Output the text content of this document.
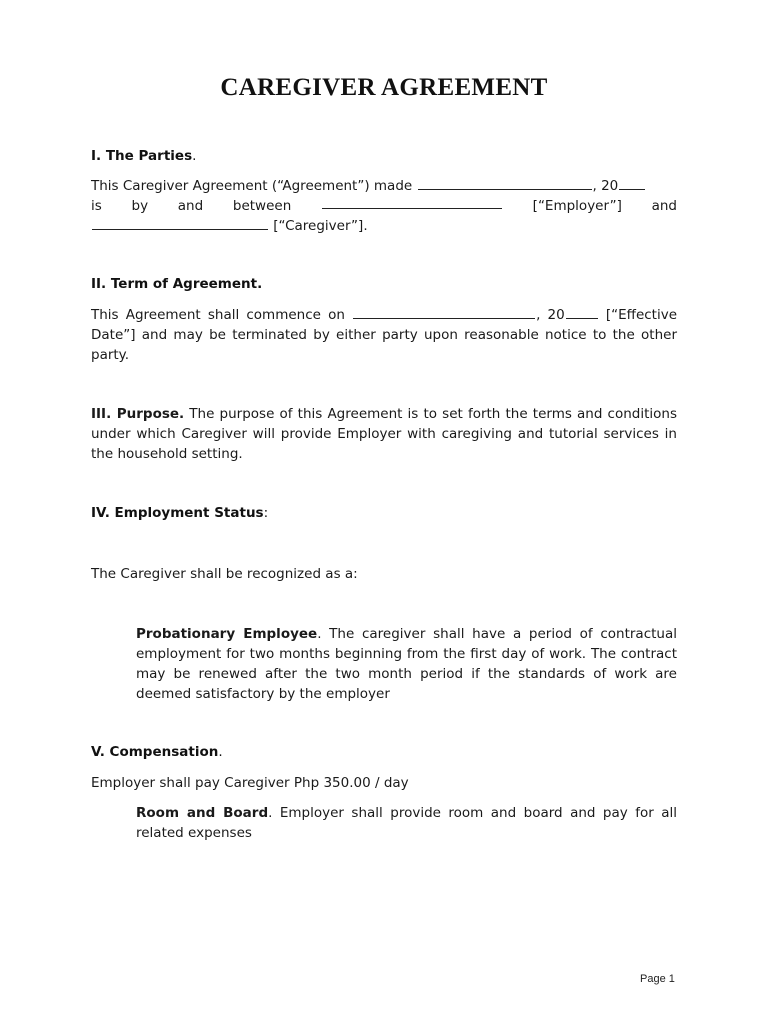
CAREGIVER AGREEMENT
I. The Parties.
This Caregiver Agreement (“Agreement”) made	, 20
is by and between	[“Employer”] and
[“Caregiver”].
II. Term of Agreement.
This Agreement shall commence on	, 20	[“Effective Date”] and may be terminated by either party upon reasonable notice to the other party.
III. Purpose. The purpose of this Agreement is to set forth the terms and conditions under which Caregiver will provide Employer with caregiving and tutorial services in the household setting.
IV. Employment Status:
The Caregiver shall be recognized as a:
Probationary Employee. The caregiver shall have a period of contractual employment for two months beginning from the first day of work. The contract may be renewed after the two month period if the standards of work are deemed satisfactory by the employer
V. Compensation.
Employer shall pay Caregiver Php 350.00 / day
Room and Board. Employer shall provide room and board and pay for all related expenses
Page 1
